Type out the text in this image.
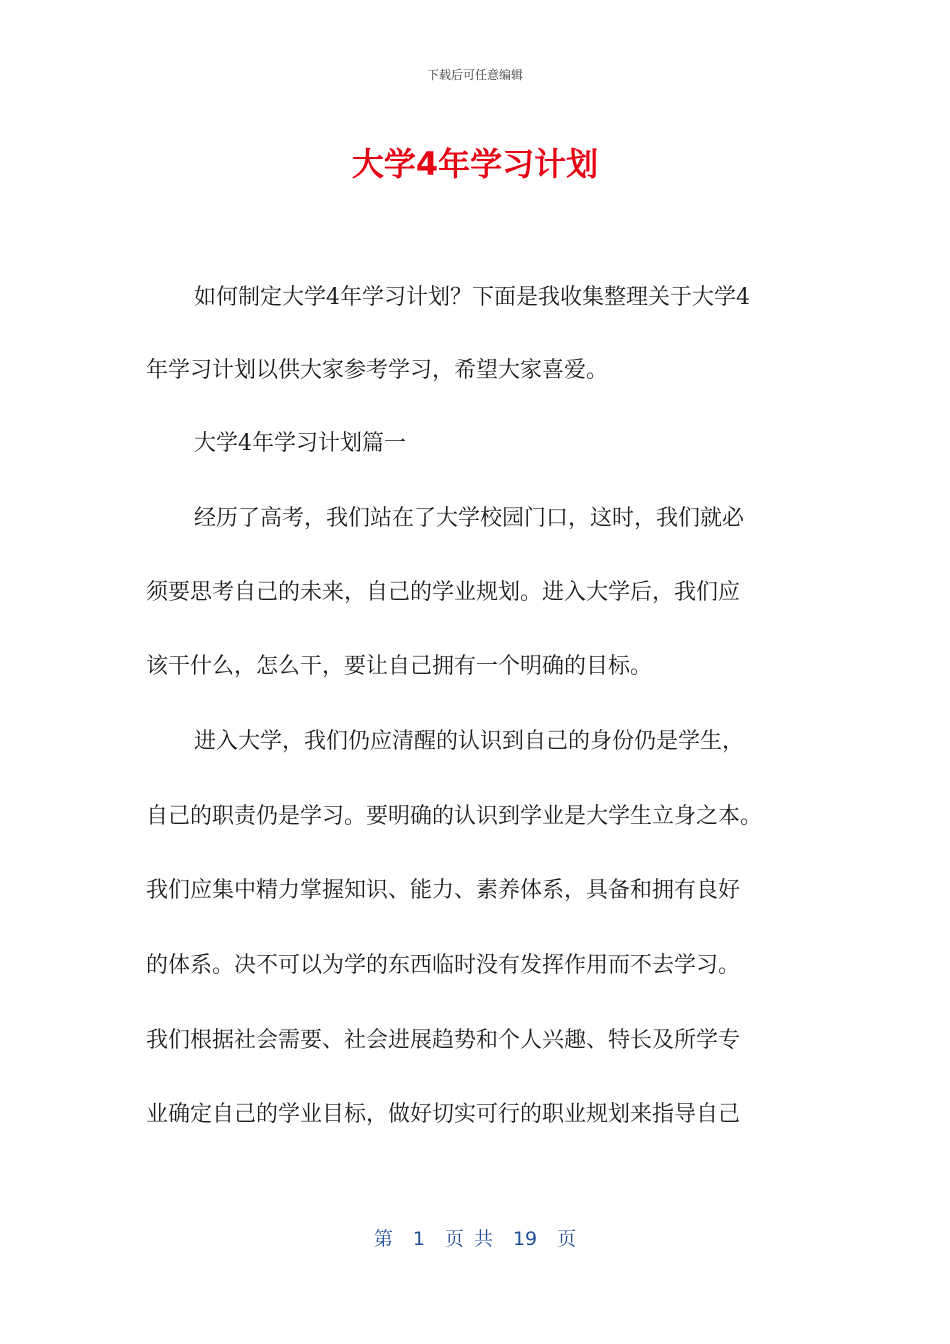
下载后可任意编辑
大学4年学习计划
如何制定大学4年学习计划？下面是我收集整理关于大学4
年学习计划以供大家参考学习，希望大家喜爱。
大学4年学习计划篇一
经历了高考，我们站在了大学校园门口，这时，我们就必
须要思考自己的未来，自己的学业规划。进入大学后，我们应
该干什么，怎么干，要让自己拥有一个明确的目标。
进入大学，我们仍应清醒的认识到自己的身份仍是学生，
自己的职责仍是学习。要明确的认识到学业是大学生立身之本。
我们应集中精力掌握知识、能力、素养体系，具备和拥有良好
的体系。决不可以为学的东西临时没有发挥作用而不去学习。
我们根据社会需要、社会进展趋势和个人兴趣、特长及所学专
业确定自己的学业目标，做好切实可行的职业规划来指导自己
第 1 页 共 19 页
